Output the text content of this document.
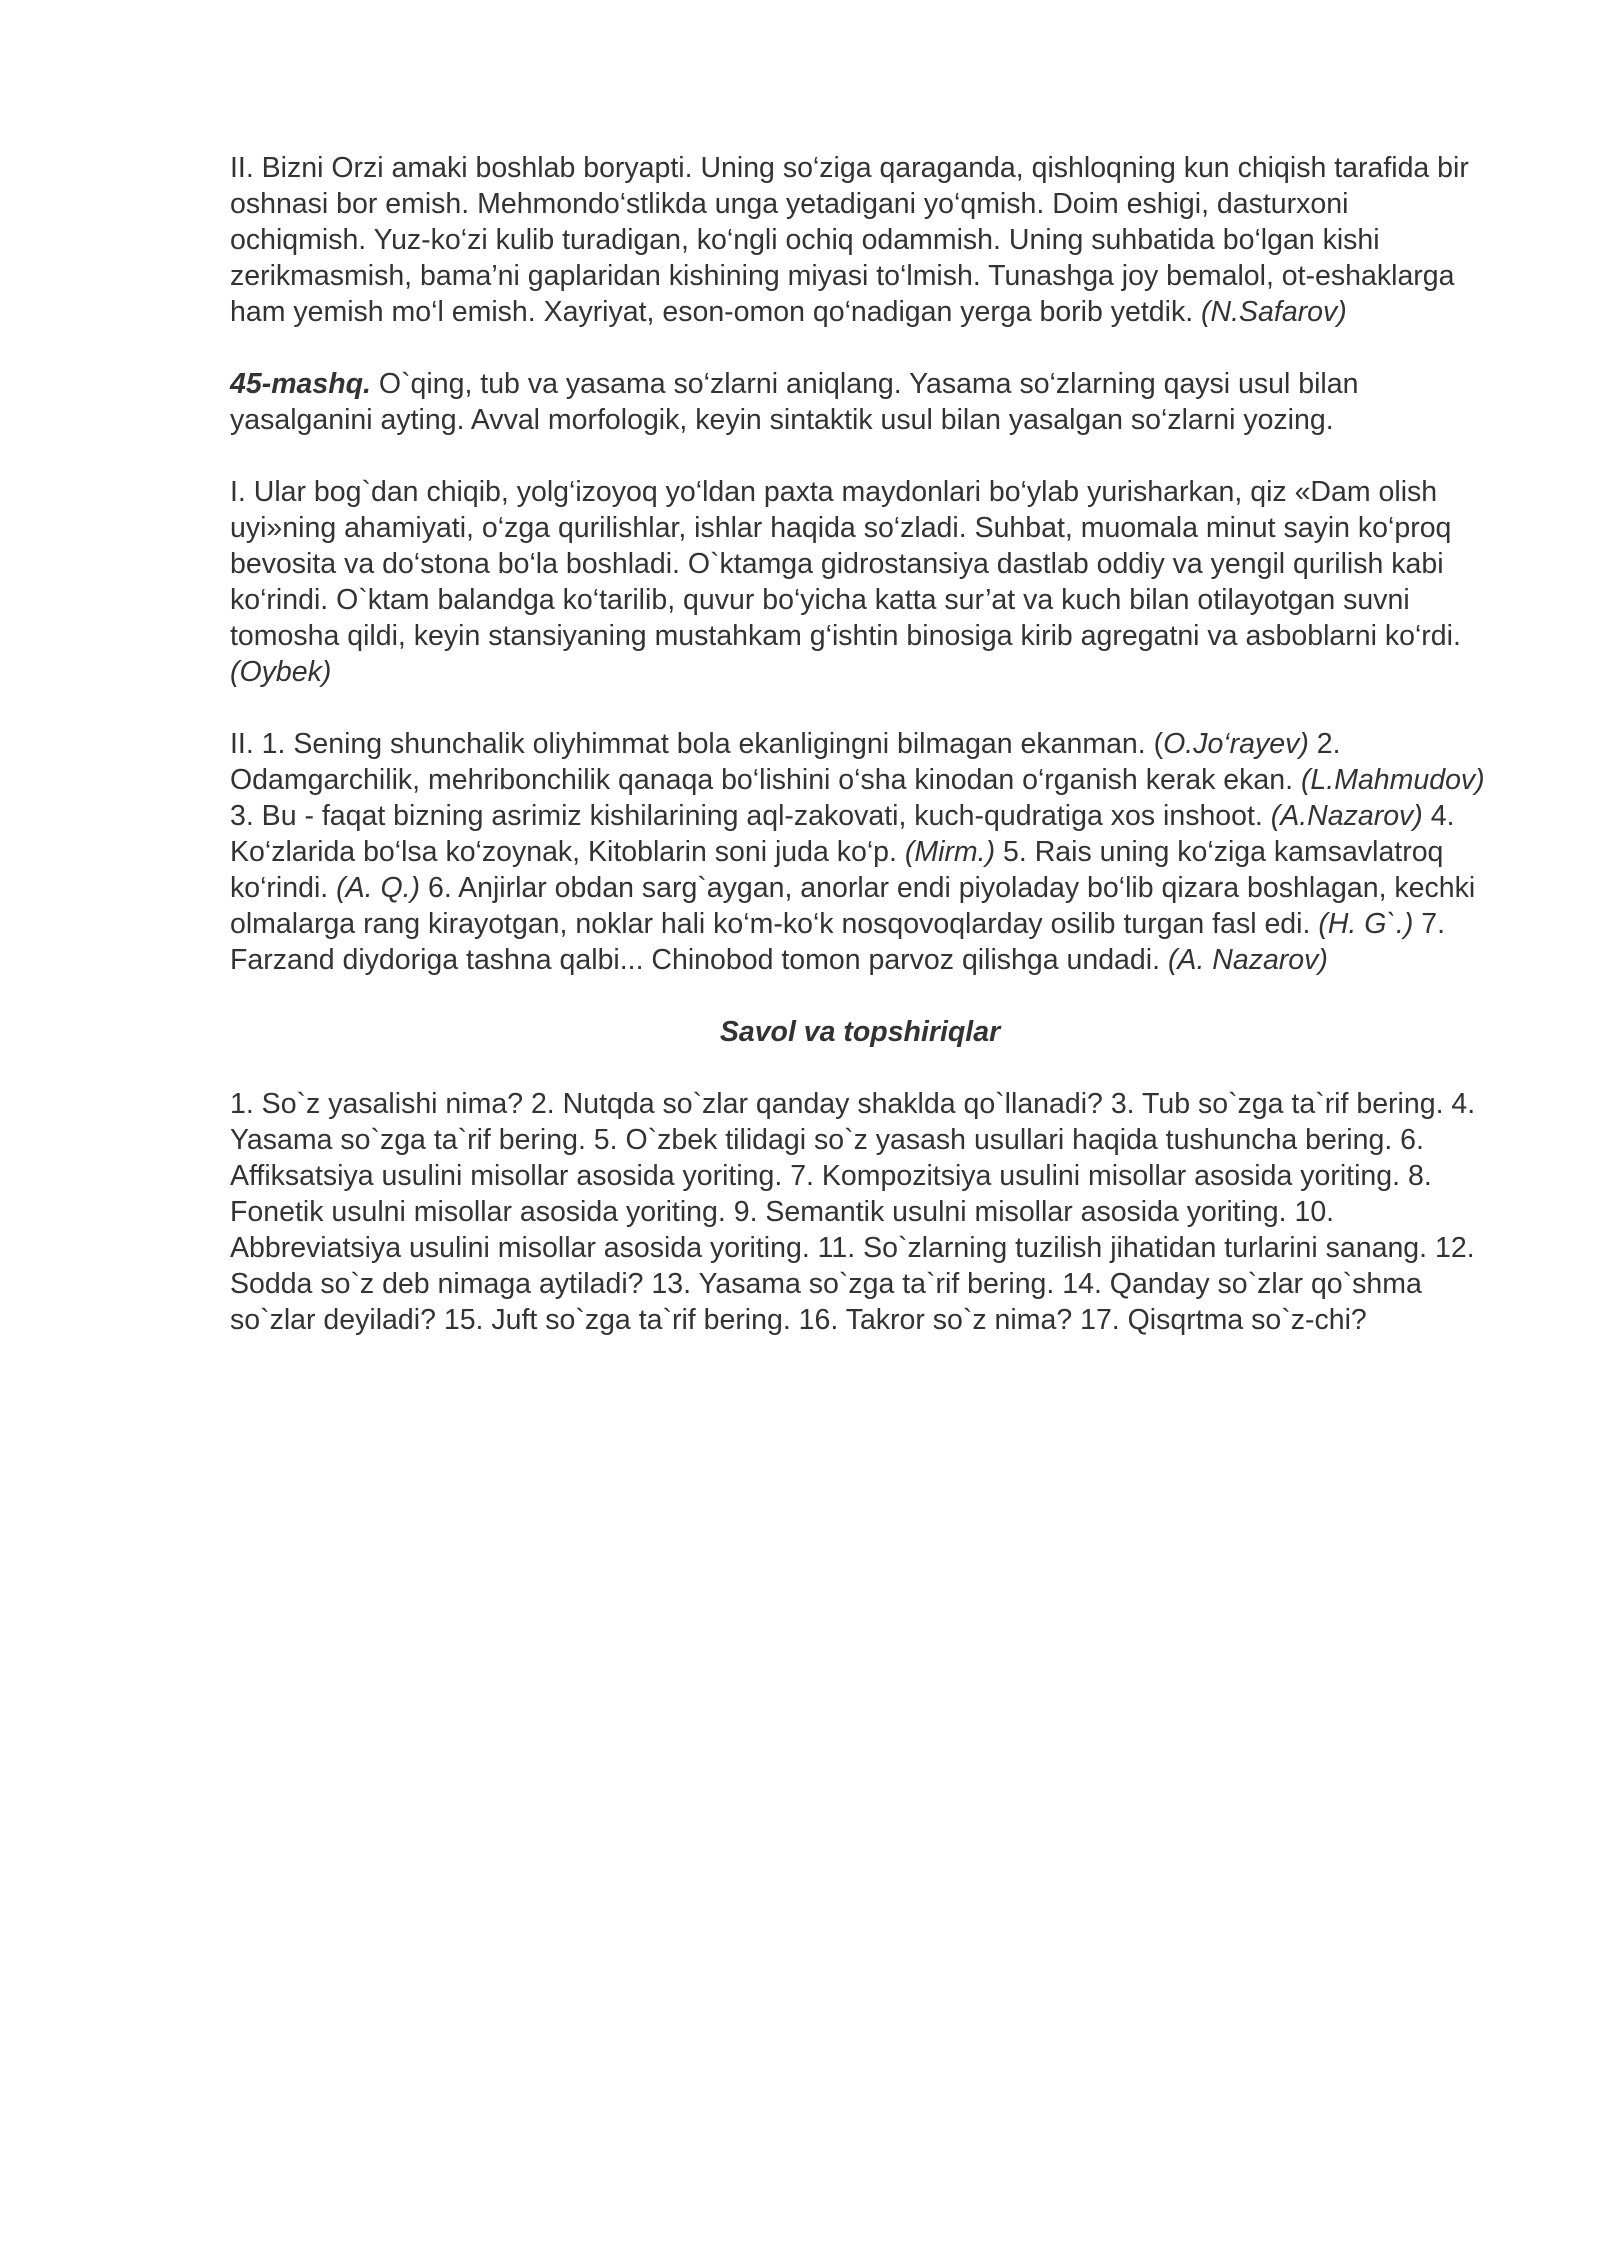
II. Bizni Orzi amaki boshlab boryapti. Uning so‘ziga qaraganda, qishloqning kun chiqish tarafida bir oshnasi bor emish. Mehmondo‘stlikda unga yetadigani yo‘qmish. Doim eshigi, dasturxoni ochiqmish. Yuz-ko‘zi kulib turadigan, ko‘ngli ochiq odammish. Uning suhbatida bo‘lgan kishi zerikmasmish, bama’ni gaplaridan kishining miyasi to‘lmish. Tunashga joy bemalol, ot-eshaklarga ham yemish mo‘l emish. Xayriyat, eson-omon qo‘nadigan yerga borib yetdik. (N.Safarov)

45-mashq. O`qing, tub va yasama so‘zlarni aniqlang. Yasama so‘zlarning qaysi usul bilan yasalganini ayting. Avval morfologik, keyin sintaktik usul bilan yasalgan so‘zlarni yozing.

I. Ular bog`dan chiqib, yolg‘izoyoq yo‘ldan paxta maydonlari bo‘ylab yurisharkan, qiz «Dam olish uyi»ning ahamiyati, o‘zga qurilishlar, ishlar haqida so‘zladi. Suhbat, muomala minut sayin ko‘proq bevosita va do‘stona bo‘la boshladi. O`ktamga gidrostansiya dastlab oddiy va yengil qurilish kabi ko‘rindi. O`ktam balandga ko‘tarilib, quvur bo‘yicha katta sur’at va kuch bilan otilayotgan suvni tomosha qildi, keyin stansiyaning mustahkam g‘ishtin binosiga kirib agregatni va asboblarni ko‘rdi. (Oybek)

II. 1. Sening shunchalik oliyhimmat bola ekanligingni bilmagan ekanman. (O.Jo‘rayev) 2. Odamgarchilik, mehribonchilik qanaqa bo‘lishini o‘sha kinodan o‘rganish kerak ekan. (L.Mahmudov) 3. Bu - faqat bizning asrimiz kishilarining aql-zakovati, kuch-qudratiga xos inshoot. (A.Nazarov) 4. Ko‘zlarida bo‘lsa ko‘zoynak, Kitoblarin soni juda ko‘p. (Mirm.) 5. Rais uning ko‘ziga kamsavlatroq ko‘rindi. (A. Q.) 6. Anjirlar obdan sarg`aygan, anorlar endi piyoladay bo‘lib qizara boshlagan, kechki olmalarga rang kirayotgan, noklar hali ko‘m-ko‘k nosqovoqlarday osilib turgan fasl edi. (H. G`.) 7. Farzand diydoriga tashna qalbi... Chinobod tomon parvoz qilishga undadi. (A. Nazarov)

Savol va topshiriqlar

1. So`z yasalishi nima? 2. Nutqda so`zlar qanday shaklda qo`llanadi? 3. Tub so`zga ta`rif bering. 4. Yasama so`zga ta`rif bering. 5. O`zbek tilidagi so`z yasash usullari haqida tushuncha bering. 6. Affiksatsiya usulini misollar asosida yoriting. 7. Kompozitsiya usulini misollar asosida yoriting. 8. Fonetik usulni misollar asosida yoriting. 9. Semantik usulni misollar asosida yoriting. 10. Abbreviatsiya usulini misollar asosida yoriting. 11. So`zlarning tuzilish jihatidan turlarini sanang. 12. Sodda so`z deb nimaga aytiladi? 13. Yasama so`zga ta`rif bering. 14. Qanday so`zlar qo`shma so`zlar deyiladi? 15. Juft so`zga ta`rif bering. 16. Takror so`z nima? 17. Qisqrtma so`z-chi?
